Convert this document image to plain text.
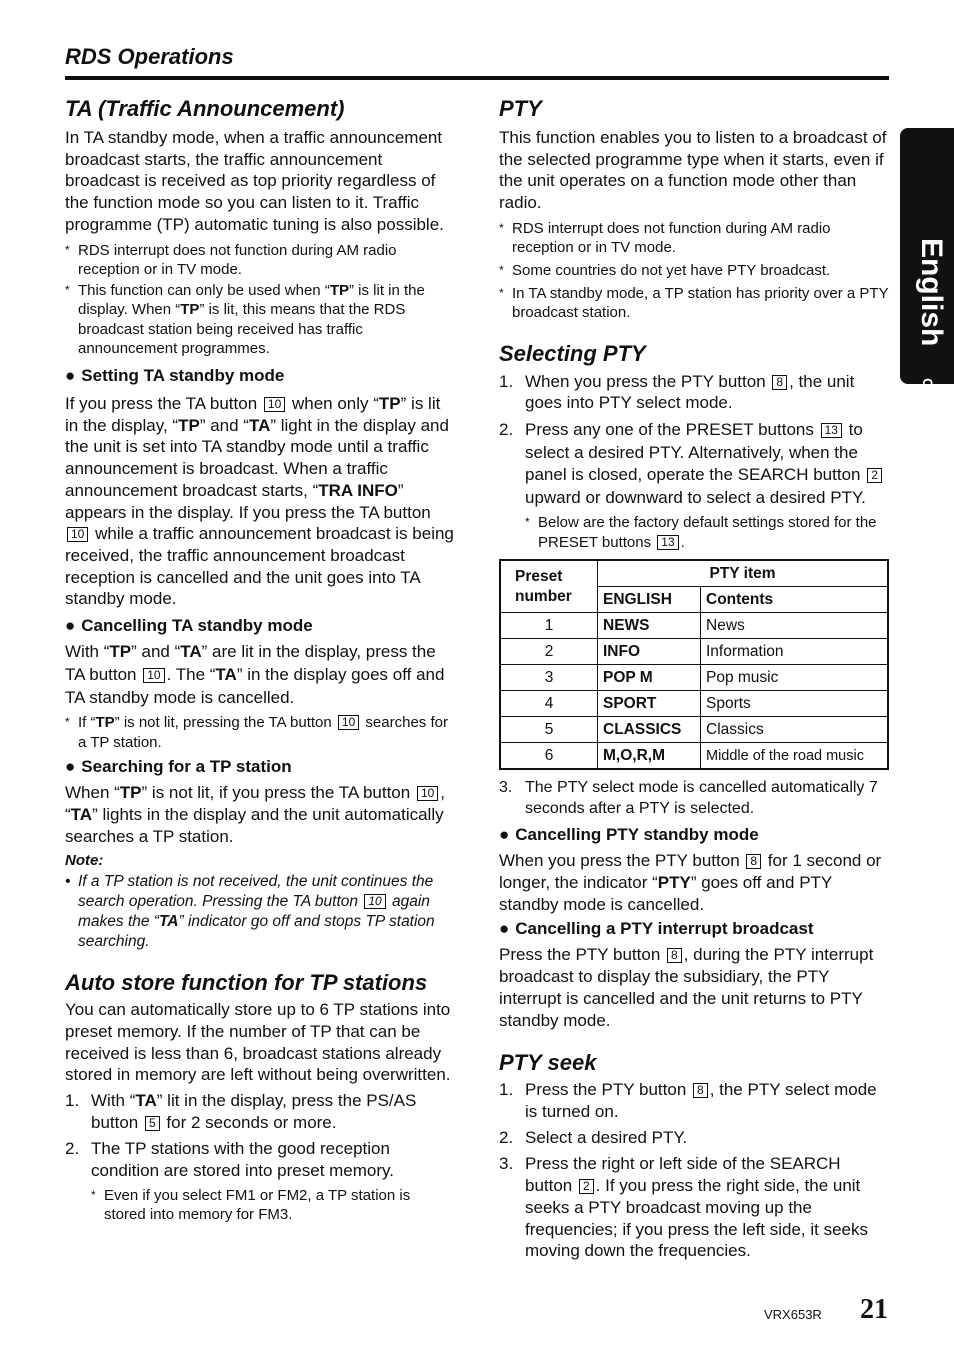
RDS Operations
English
Owner's manual
TA (Traffic Announcement)

In TA standby mode, when a traffic announcement broadcast starts, the traffic announcement broadcast is received as top priority regardless of the function mode so you can listen to it. Traffic programme (TP) automatic tuning is also possible.

* RDS interrupt does not function during AM radio reception or in TV mode.
* This function can only be used when “TP” is lit in the display. When “TP” is lit, this means that the RDS broadcast station being received has traffic announcement programmes.
● Setting TA standby mode

If you press the TA button 10 when only “TP” is lit in the display, “TP” and “TA” light in the display and the unit is set into TA standby mode until a traffic announcement is broadcast. When a traffic announcement broadcast starts, “TRA INFO” appears in the display. If you press the TA button 10 while a traffic announcement broadcast is being received, the traffic announcement broadcast reception is cancelled and the unit goes into TA standby mode.

● Cancelling TA standby mode

With “TP” and “TA” are lit in the display, press the TA button 10 . The “TA” in the display goes off and TA standby mode is cancelled.

* If “TP” is not lit, pressing the TA button 10 searches for a TP station.
● Searching for a TP station

When “TP” is not lit, if you press the TA button 10 , “TA” lights in the display and the unit automatically searches a TP station.

Note:
• If a TP station is not received, the unit continues the search operation. Pressing the TA button 10 again makes the “TA” indicator go off and stops TP station searching.
Auto store function for TP stations

You can automatically store up to 6 TP stations into preset memory. If the number of TP that can be received is less than 6, broadcast stations already stored in memory are left without being overwritten.

1. With “TA” lit in the display, press the PS/AS button 5 for 2 seconds or more.
2. The TP stations with the good reception condition are stored into preset memory.
* Even if you select FM1 or FM2, a TP station is stored into memory for FM3.
PTY

This function enables you to listen to a broadcast of the selected programme type when it starts, even if the unit operates on a function mode other than radio.

* RDS interrupt does not function during AM radio reception or in TV mode.
* Some countries do not yet have PTY broadcast.
* In TA standby mode, a TP station has priority over a PTY broadcast station.
Selecting PTY
1. When you press the PTY button 8 , the unit goes into PTY select mode.
2. Press any one of the PRESET buttons 13 to select a desired PTY. Alternatively, when the panel is closed, operate the SEARCH button 2 upward or downward to select a desired PTY.
* Below are the factory default settings stored for the PRESET buttons 13 .
Preset number	PTY item	
	ENGLISH	Contents
1	NEWS	News
2	INFO	Information
3	POP M	Pop music
4	SPORT	Sports
5	CLASSICS	Classics
6	M,O,R,M	Middle of the road music
3. The PTY select mode is cancelled automatically 7 seconds after a PTY is selected.
● Cancelling PTY standby mode

When you press the PTY button 8 for 1 second or longer, the indicator “PTY” goes off and PTY standby mode is cancelled.

● Cancelling a PTY interrupt broadcast

Press the PTY button 8 , during the PTY interrupt broadcast to display the subsidiary, the PTY interrupt is cancelled and the unit returns to PTY standby mode.

PTY seek
1. Press the PTY button 8 , the PTY select mode is turned on.
2. Select a desired PTY.
3. Press the right or left side of the SEARCH button 2 . If you press the right side, the unit seeks a PTY broadcast moving up the frequencies; if you press the left side, it seeks moving down the frequencies.
VRX653R 21
